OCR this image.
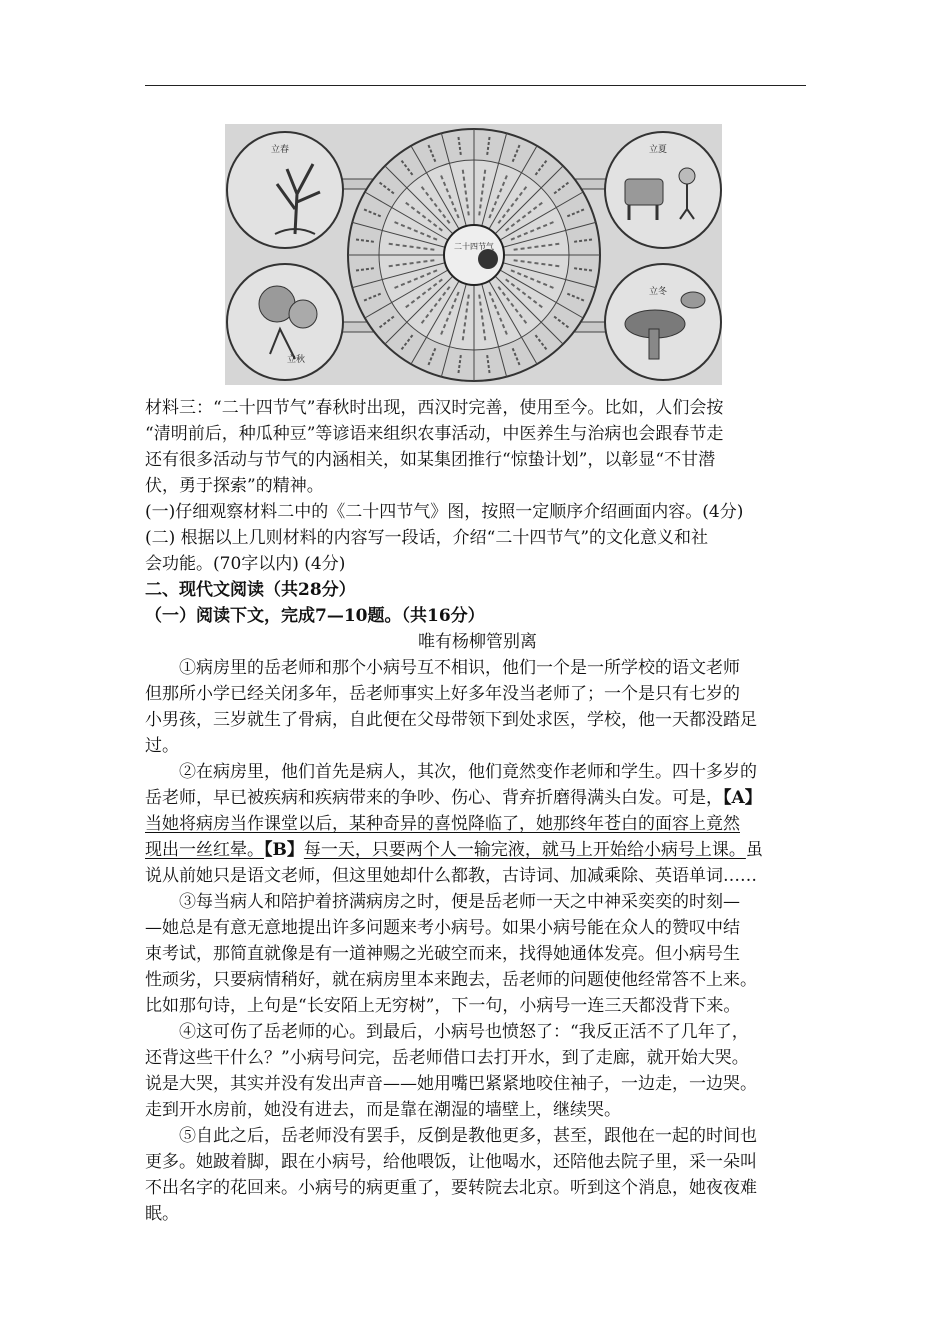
立春	立夏
立秋
立冬
二十四节气

材料三：“二十四节气”春秋时出现，西汉时完善，使用至今。比如，人们会按

“清明前后，种瓜种豆”等谚语来组织农事活动，中医养生与治病也会跟春节走

还有很多活动与节气的内涵相关，如某集团推行“惊蛰计划”，以彰显“不甘潜

伏，勇于探索”的精神。

(一)仔细观察材料二中的《二十四节气》图，按照一定顺序介绍画面内容。(4分)

(二) 根据以上几则材料的内容写一段话，介绍“二十四节气”的文化意义和社

会功能。(70字以内) (4分)

二、现代文阅读（共28分）

（一）阅读下文，完成7—10题。（共16分）

唯有杨柳管别离

①病房里的岳老师和那个小病号互不相识，他们一个是一所学校的语文老师

但那所小学已经关闭多年，岳老师事实上好多年没当老师了；一个是只有七岁的

小男孩，三岁就生了骨病，自此便在父母带领下到处求医，学校，他一天都没踏足

过。

②在病房里，他们首先是病人，其次，他们竟然变作老师和学生。四十多岁的

岳老师，早已被疾病和疾病带来的争吵、伤心、背弃折磨得满头白发。可是，【A】

当她将病房当作课堂以后，某种奇异的喜悦降临了，她那终年苍白的面容上竟然

现出一丝红晕。【B】每一天，只要两个人一输完液，就马上开始给小病号上课。虽

说从前她只是语文老师，但这里她却什么都教，古诗词、加减乘除、英语单词……

③每当病人和陪护着挤满病房之时，便是岳老师一天之中神采奕奕的时刻—

—她总是有意无意地提出许多问题来考小病号。如果小病号能在众人的赞叹中结

束考试，那简直就像是有一道神赐之光破空而来，找得她通体发亮。但小病号生

性顽劣，只要病情稍好，就在病房里本来跑去，岳老师的问题使他经常答不上来。

比如那句诗，上句是“长安陌上无穷树”，下一句，小病号一连三天都没背下来。

④这可伤了岳老师的心。到最后，小病号也愤怒了：“我反正活不了几年了，

还背这些干什么？”小病号问完，岳老师借口去打开水，到了走廊，就开始大哭。

说是大哭，其实并没有发出声音——她用嘴巴紧紧地咬住袖子，一边走，一边哭。

走到开水房前，她没有进去，而是靠在潮湿的墙壁上，继续哭。

⑤自此之后，岳老师没有罢手，反倒是教他更多，甚至，跟他在一起的时间也

更多。她跛着脚，跟在小病号，给他喂饭，让他喝水，还陪他去院子里，采一朵叫

不出名字的花回来。小病号的病更重了，要转院去北京。听到这个消息，她夜夜难

眠。
